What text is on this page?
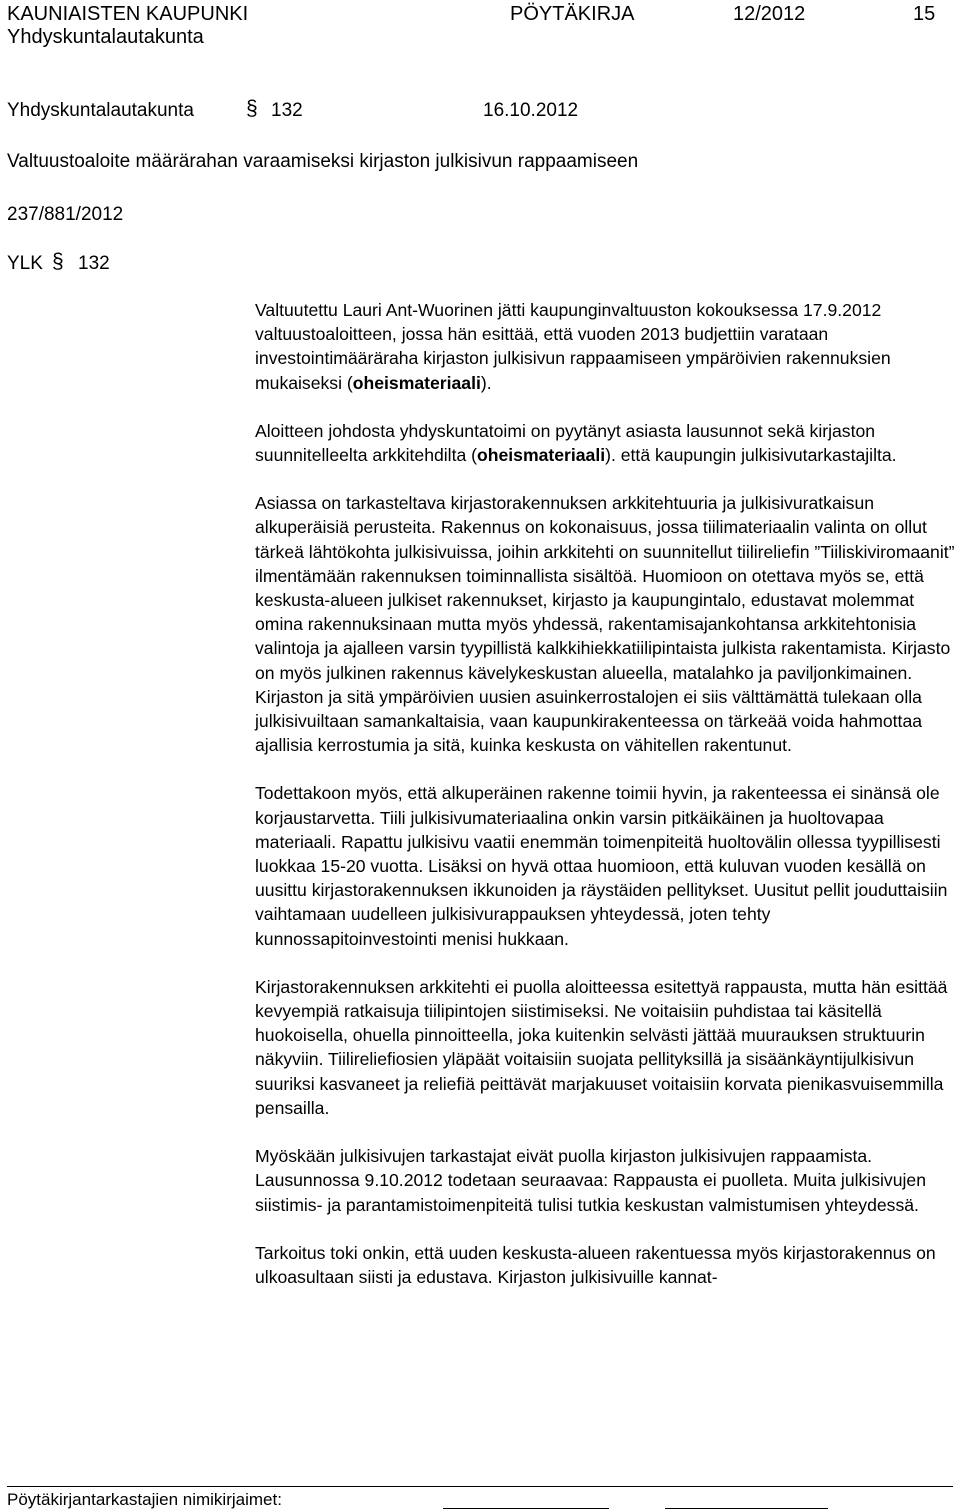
KAUNIAISTEN KAUPUNKI
Yhdyskuntalautakunta
PÖYTÄKIRJA	12/2012	15
Yhdyskuntalautakunta § 132	16.10.2012
Valtuustoaloite määrärahan varaamiseksi kirjaston julkisivun rappaamiseen
237/881/2012
YLK § 132

Valtuutettu Lauri Ant-Wuorinen jätti kaupunginvaltuuston kokouksessa 17.9.2012 valtuustoaloitteen, jossa hän esittää, että vuoden 2013 budjettiin varataan investointimääräraha kirjaston julkisivun rappaamiseen ympäröivien rakennuksien mukaiseksi (oheismateriaali).

Aloitteen johdosta yhdyskuntatoimi on pyytänyt asiasta lausunnot sekä kirjaston suunnitelleelta arkkitehdilta (oheismateriaali). että kaupungin julkisivutarkastajilta.

Asiassa on tarkasteltava kirjastorakennuksen arkkitehtuuria ja julkisivuratkaisun alkuperäisiä perusteita. Rakennus on kokonaisuus, jossa tiilimateriaalin valinta on ollut tärkeä lähtökohta julkisivuissa, joihin arkkitehti on suunnitellut tiilireliefin ”Tiiliskiviromaanit” ilmentämään rakennuksen toiminnallista sisältöä. Huomioon on otettava myös se, että keskusta-alueen julkiset rakennukset, kirjasto ja kaupungintalo, edustavat molemmat omina rakennuksinaan mutta myös yhdessä, rakentamisajankohtansa arkkitehtonisia valintoja ja ajalleen varsin tyypillistä kalkkihiekkatiilipintaista julkista rakentamista. Kirjasto on myös julkinen rakennus kävelykeskustan alueella, matalahko ja paviljonkimainen. Kirjaston ja sitä ympäröivien uusien asuinkerrostalojen ei siis välttämättä tulekaan olla julkisivuiltaan samankaltaisia, vaan kaupunkirakenteessa on tärkeää voida hahmottaa ajallisia kerrostumia ja sitä, kuinka keskusta on vähitellen rakentunut.

Todettakoon myös, että alkuperäinen rakenne toimii hyvin, ja rakenteessa ei sinänsä ole korjaustarvetta. Tiili julkisivumateriaalina onkin varsin pitkäikäinen ja huoltovapaa materiaali. Rapattu julkisivu vaatii enemmän toimenpiteitä huoltovälin ollessa tyypillisesti luokkaa 15-20 vuotta. Lisäksi on hyvä ottaa huomioon, että kuluvan vuoden kesällä on uusittu kirjastorakennuksen ikkunoiden ja räystäiden pellitykset. Uusitut pellit jouduttaisiin vaihtamaan uudelleen julkisivurappauksen yhteydessä, joten tehty kunnossapitoinvestointi menisi hukkaan.

Kirjastorakennuksen arkkitehti ei puolla aloitteessa esitettyä rappausta, mutta hän esittää kevyempiä ratkaisuja tiilipintojen siistimiseksi. Ne voitaisiin puhdistaa tai käsitellä huokoisella, ohuella pinnoitteella, joka kuitenkin selvästi jättää muurauksen struktuurin näkyviin. Tiilireliefiosien yläpäät voitaisiin suojata pellityksillä ja sisäänkäyntijulkisivun suuriksi kasvaneet ja reliefiä peittävät marjakuuset voitaisiin korvata pienikasvuisemmilla pensailla.

Myöskään julkisivujen tarkastajat eivät puolla kirjaston julkisivujen rappaamista. Lausunnossa 9.10.2012 todetaan seuraavaa: Rappausta ei puolleta. Muita julkisivujen siistimis- ja parantamistoimenpiteitä tulisi tutkia keskustan valmistumisen yhteydessä.

Tarkoitus toki onkin, että uuden keskusta-alueen rakentuessa myös kirjastorakennus on ulkoasultaan siisti ja edustava. Kirjaston julkisivuille kannat-

Pöytäkirjantarkastajien nimikirjaimet:
